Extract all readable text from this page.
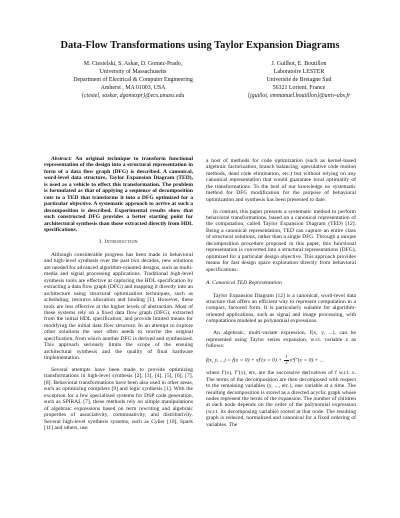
Data-Flow Transformations using Taylor Expansion Diagrams
M. Ciesielski, S. Askar, D. Gomez-Prado,
University of Massachusetts
Department of Electrical & Computer Engineering
Amherst , MA 01003, USA
{ciesiel, saskar, dgomezpr}@ecs.umass.edu
J. Guilhot, E. Boutillon
Laboratoire LESTER
Université de Bretagne Sud
56321 Lorient, France
{jguillot, emmanuel.boutillon}@univ-ubs.fr

Abstract: An original technique to transform functional representation of the design into a structural representation in form of a data flow graph (DFG) is described. A canonical, word-level data structure, Taylor Expansion Diagram (TED), is used as a vehicle to effect this transformation. The problem is formulated as that of applying a sequence of decomposition cuts to a TED that transforms it into a DFG optimized for a particular objective. A systematic approach to arrive at such a decomposition is described. Experimental results show that such constructed DFG provides a better starting point for architectural synthesis than those extracted directly from HDL specifications.

I. Introduction

Although considerable progress has been made in behavioral and high-level synthesis over the past two decades, new solutions are needed for advanced algorithm-oriented designs, such as multi-media and signal processing applications. Traditional high-level synthesis tools are effective at capturing the HDL specification by extracting a data flow graph (DFG) and mapping it directly into an architecture using structural optimization techniques, such as scheduling, resource allocation and binding [1]. However, these tools are less effective at the higher levels of abstraction. Most of these systems rely on a fixed data flow graph (DFG), extracted from the initial HDL specification, and provide limited means for modifying the initial data flow structure. In an attempt to explore other solutions the user often needs to rewrite the original specification, from which another DFG is derived and synthesized. This approach seriously limits the scope of the ensuing architectural synthesis and the quality of final hardware implementation.

Several attempts have been made to provide optimizing transformations in high-level synthesis [2], [3], [4], [5], [6], [7], [8]. Behavioral transformations have been also used in other areas, such as optimizing compilers [9] and logic synthesis [1]. With the exception for a few specialized systems for DSP code generation, such as SPIRAL [7], these methods rely on simple manipulations of algebraic expressions based on term rewriting and algebraic properties of associativity, commutativity, and distributivity. Several high-level synthesis systems, such as Cyber [10], Spark [11] and others, use

a host of methods for code optimization (such as kernel-based algebraic factorization, branch balancing, speculative code motion methods, dead code elimination, etc.) but without relying on any canonical representation that would guarantee local optimality of the transformations. To the best of our knowledge no systematic method for DFG modification for the purpose of behavioral optimization and synthesis has been presented to date.

In contrast, this paper presents a systematic method to perform behavioral transformations, based on a canonical representation of the computation, called Taylor Expansion Diagram (TED) [12]. Being a canonical representation, TED can capture an entire class of structural solutions, rather than a single DFG. Through a unique decomposition procedure proposed in this paper, this functional representation is converted into a structural representations (DFG), optimized for a particular design objective. This approach provides means for fast design space exploration directly from behavioral specifications.

A. Canonical TED Representation

Taylor Expansion Diagram [12] is a canonical, word-level data structure that offers an efficient way to represent computation in a compact, factored form. It is particularly suitable for algorithm-oriented applications, such as signal and image processing, with computations modeled as polynomial expressions.

An algebraic, multi-variate expression, f(x, y, ...), can be represented using Taylor series expansion, w.r.t. variable x as follows:

f(x, y, ...) = $f(x = 0) + xf'(x = 0) + \frac{1}{2} x^2f''(x = 0)$ + ...

where f′(x), f″(x), etc, are the successive derivatives of f w.r.t. x. The terms of the decomposition are then decomposed with respect to the remaining variables (y, ..., etc.), one variable at a time. The resulting decomposition is stored as a directed acyclic graph whose nodes represent the terms of the expansion. The number of children at each node depends on the order of the polynomial expression (w.r.t. its decomposing variable) rooted at that node. The resulting graph is reduced, normalized and canonical for a fixed ordering of variables. The
